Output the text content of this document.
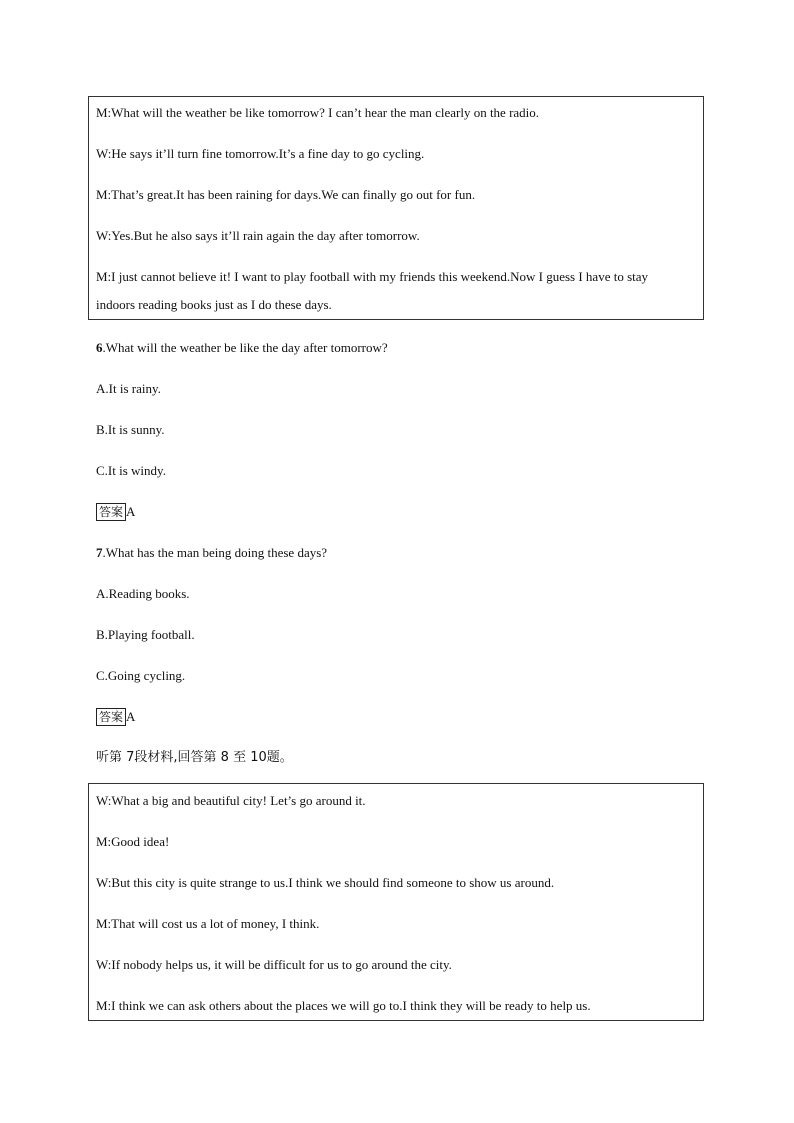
M:What will the weather be like tomorrow? I can’t hear the man clearly on the radio.
W:He says it’ll turn fine tomorrow.It’s a fine day to go cycling.
M:That’s great.It has been raining for days.We can finally go out for fun.
W:Yes.But he also says it’ll rain again the day after tomorrow.
M:I just cannot believe it! I want to play football with my friends this weekend.Now I guess I have to stay
indoors reading books just as I do these days.
6.What will the weather be like the day after tomorrow?
A.It is rainy.
B.It is sunny.
C.It is windy.
答案 A
7.What has the man being doing these days?
A.Reading books.
B.Playing football.
C.Going cycling.
答案 A
听第 7段材料,回答第 8 至 10题。
W:What a big and beautiful city! Let’s go around it.
M:Good idea!
W:But this city is quite strange to us.I think we should find someone to show us around.
M:That will cost us a lot of money, I think.
W:If nobody helps us, it will be difficult for us to go around the city.
M:I think we can ask others about the places we will go to.I think they will be ready to help us.
